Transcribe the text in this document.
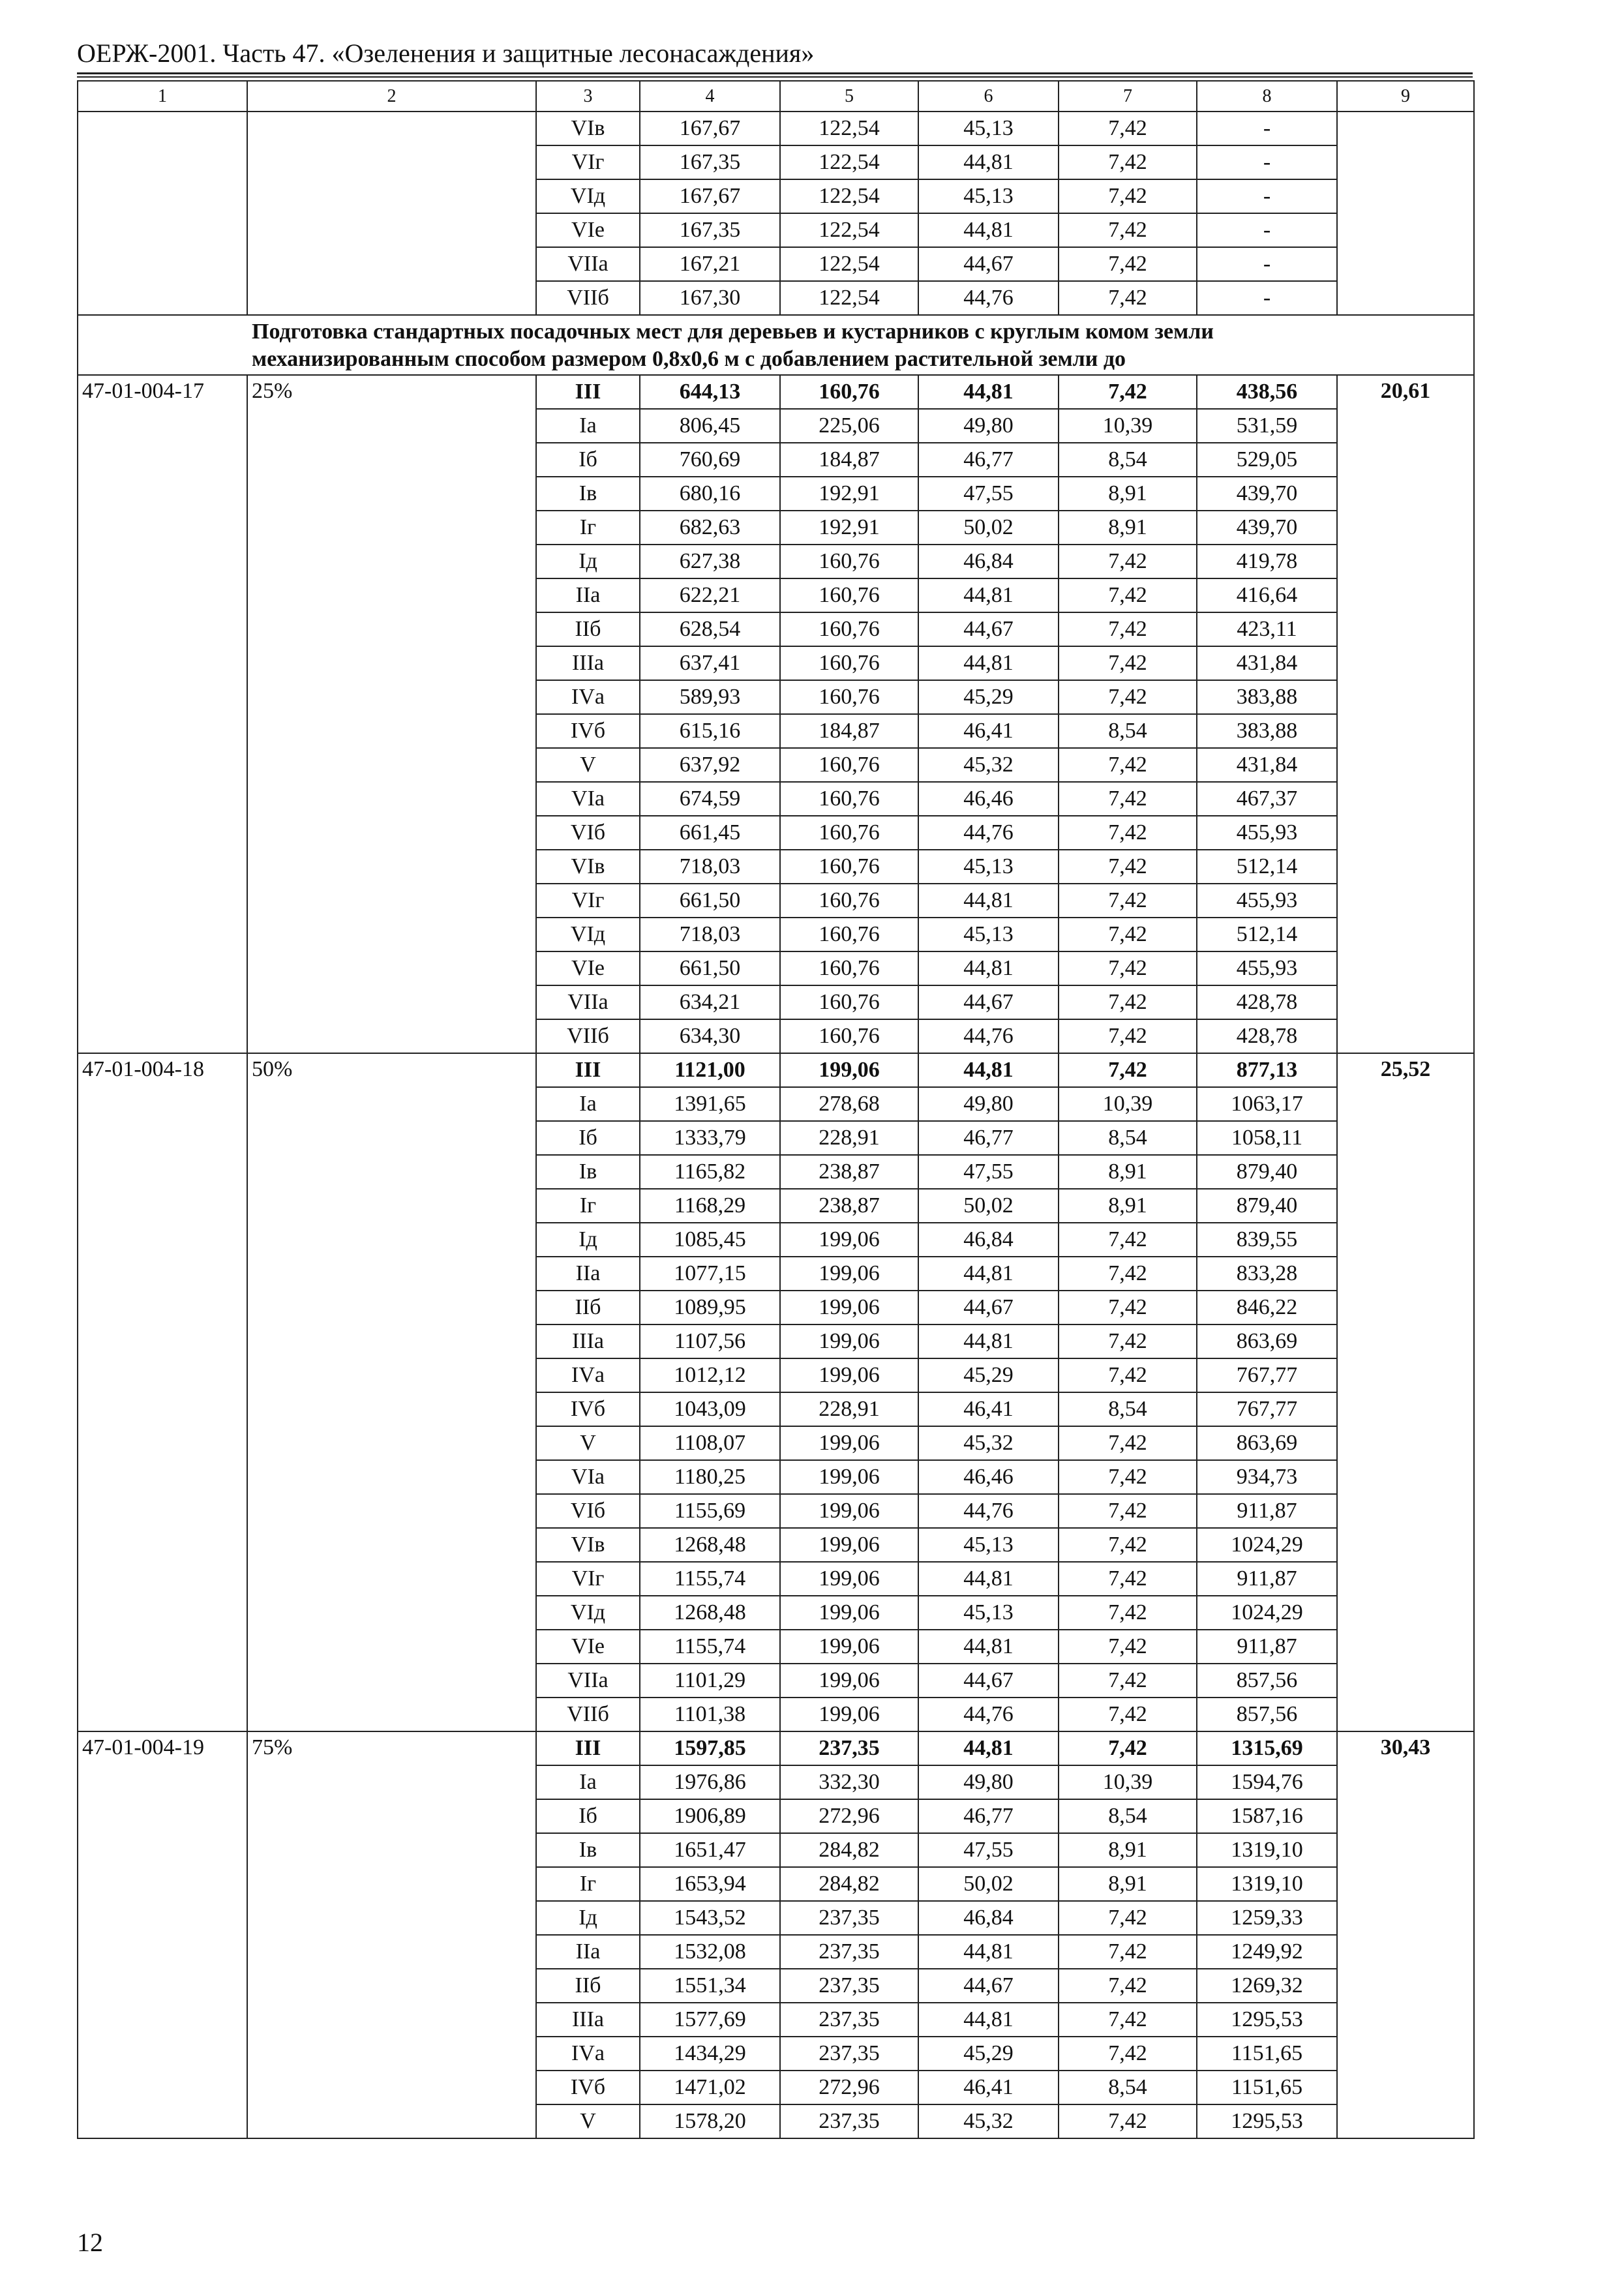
ОЕРЖ-2001. Часть 47. «Озеленения и защитные лесонасаждения»
1	2	3	4	5	6	7	8	9
		VIв	167,67	122,54	45,13	7,42	-	
		VIг	167,35	122,54	44,81	7,42	-	
		VIд	167,67	122,54	45,13	7,42	-	
		VIе	167,35	122,54	44,81	7,42	-	
		VIIа	167,21	122,54	44,67	7,42	-	
		VIIб	167,30	122,54	44,76	7,42	-	

Подготовка стандартных посадочных мест для деревьев и кустарников с круглым комом земли
механизированным способом размером 0,8х0,6 м с добавлением растительной земли до								

47-01-004-17	25%	III	644,13	160,76	44,81	7,42	438,56	20,61
		Iа	806,45	225,06	49,80	10,39	531,59	
		Iб	760,69	184,87	46,77	8,54	529,05	
		Iв	680,16	192,91	47,55	8,91	439,70	
		Iг	682,63	192,91	50,02	8,91	439,70	
		Iд	627,38	160,76	46,84	7,42	419,78	
		IIа	622,21	160,76	44,81	7,42	416,64	
		IIб	628,54	160,76	44,67	7,42	423,11	
		IIIа	637,41	160,76	44,81	7,42	431,84	
		IVа	589,93	160,76	45,29	7,42	383,88	
		IVб	615,16	184,87	46,41	8,54	383,88	
		V	637,92	160,76	45,32	7,42	431,84	
		VIа	674,59	160,76	46,46	7,42	467,37	
		VIб	661,45	160,76	44,76	7,42	455,93	
		VIв	718,03	160,76	45,13	7,42	512,14	
		VIг	661,50	160,76	44,81	7,42	455,93	
		VIд	718,03	160,76	45,13	7,42	512,14	
		VIе	661,50	160,76	44,81	7,42	455,93	
		VIIа	634,21	160,76	44,67	7,42	428,78	
		VIIб	634,30	160,76	44,76	7,42	428,78	
47-01-004-18	50%	III	1121,00	199,06	44,81	7,42	877,13	25,52
		Iа	1391,65	278,68	49,80	10,39	1063,17	
		Iб	1333,79	228,91	46,77	8,54	1058,11	
		Iв	1165,82	238,87	47,55	8,91	879,40	
		Iг	1168,29	238,87	50,02	8,91	879,40	
		Iд	1085,45	199,06	46,84	7,42	839,55	
		IIа	1077,15	199,06	44,81	7,42	833,28	
		IIб	1089,95	199,06	44,67	7,42	846,22	
		IIIа	1107,56	199,06	44,81	7,42	863,69	
		IVа	1012,12	199,06	45,29	7,42	767,77	
		IVб	1043,09	228,91	46,41	8,54	767,77	
		V	1108,07	199,06	45,32	7,42	863,69	
		VIа	1180,25	199,06	46,46	7,42	934,73	
		VIб	1155,69	199,06	44,76	7,42	911,87	
		VIв	1268,48	199,06	45,13	7,42	1024,29	
		VIг	1155,74	199,06	44,81	7,42	911,87	
		VIд	1268,48	199,06	45,13	7,42	1024,29	
		VIе	1155,74	199,06	44,81	7,42	911,87	
		VIIа	1101,29	199,06	44,67	7,42	857,56	
		VIIб	1101,38	199,06	44,76	7,42	857,56	
47-01-004-19	75%	III	1597,85	237,35	44,81	7,42	1315,69	30,43
		Iа	1976,86	332,30	49,80	10,39	1594,76	
		Iб	1906,89	272,96	46,77	8,54	1587,16	
		Iв	1651,47	284,82	47,55	8,91	1319,10	
		Iг	1653,94	284,82	50,02	8,91	1319,10	
		Iд	1543,52	237,35	46,84	7,42	1259,33	
		IIа	1532,08	237,35	44,81	7,42	1249,92	
		IIб	1551,34	237,35	44,67	7,42	1269,32	
		IIIа	1577,69	237,35	44,81	7,42	1295,53	
		IVа	1434,29	237,35	45,29	7,42	1151,65	
		IVб	1471,02	272,96	46,41	8,54	1151,65	
		V	1578,20	237,35	45,32	7,42	1295,53	
12
